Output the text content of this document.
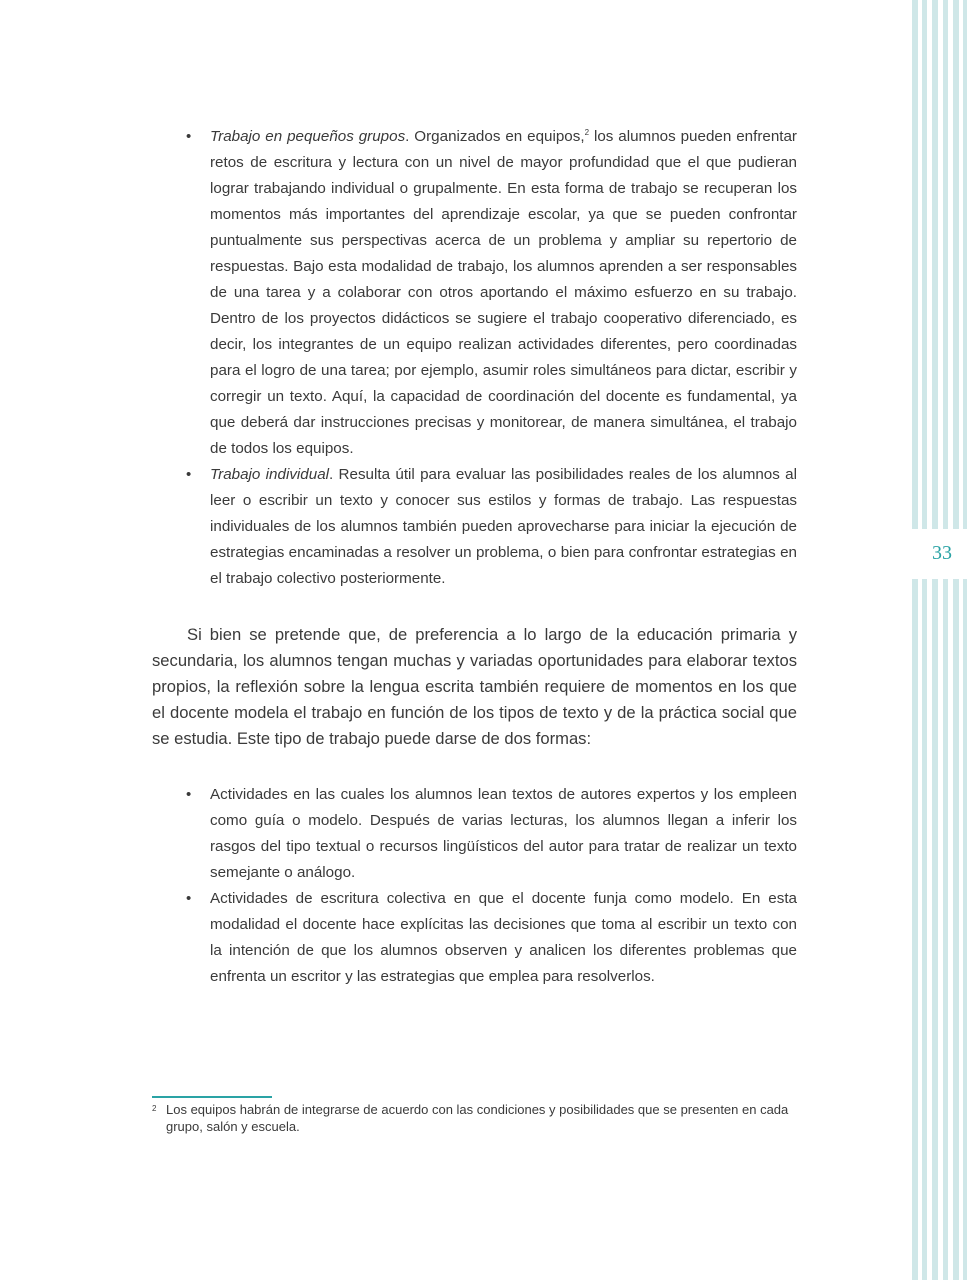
33
• Trabajo en pequeños grupos. Organizados en equipos,$^2$ los alumnos pueden enfrentar retos de escritura y lectura con un nivel de mayor profundidad que el que pudieran lograr trabajando individual o grupalmente. En esta forma de trabajo se recuperan los momentos más importantes del aprendizaje escolar, ya que se pueden confrontar puntualmente sus perspectivas acerca de un problema y ampliar su repertorio de respuestas. Bajo esta modalidad de trabajo, los alumnos aprenden a ser responsables de una tarea y a colaborar con otros aportando el máximo esfuerzo en su trabajo. Dentro de los proyectos didácticos se sugiere el trabajo cooperativo diferenciado, es decir, los integrantes de un equipo realizan actividades diferentes, pero coordinadas para el logro de una tarea; por ejemplo, asumir roles simultáneos para dictar, escribir y corregir un texto. Aquí, la capacidad de coordinación del docente es fundamental, ya que deberá dar instrucciones precisas y monitorear, de manera simultánea, el trabajo de todos los equipos.
• Trabajo individual. Resulta útil para evaluar las posibilidades reales de los alumnos al leer o escribir un texto y conocer sus estilos y formas de trabajo. Las respuestas individuales de los alumnos también pueden aprovecharse para iniciar la ejecución de estrategias encaminadas a resolver un problema, o bien para confrontar estrategias en el trabajo colectivo posteriormente.

Si bien se pretende que, de preferencia a lo largo de la educación primaria y secundaria, los alumnos tengan muchas y variadas oportunidades para elaborar textos propios, la reflexión sobre la lengua escrita también requiere de momentos en los que el docente modela el trabajo en función de los tipos de texto y de la práctica social que se estudia. Este tipo de trabajo puede darse de dos formas:

• Actividades en las cuales los alumnos lean textos de autores expertos y los empleen como guía o modelo. Después de varias lecturas, los alumnos llegan a inferir los rasgos del tipo textual o recursos lingüísticos del autor para tratar de realizar un texto semejante o análogo.
• Actividades de escritura colectiva en que el docente funja como modelo. En esta modalidad el docente hace explícitas las decisiones que toma al escribir un texto con la intención de que los alumnos observen y analicen los diferentes problemas que enfrenta un escritor y las estrategias que emplea para resolverlos.
2 Los equipos habrán de integrarse de acuerdo con las condiciones y posibilidades que se presenten en cada grupo, salón y escuela.
